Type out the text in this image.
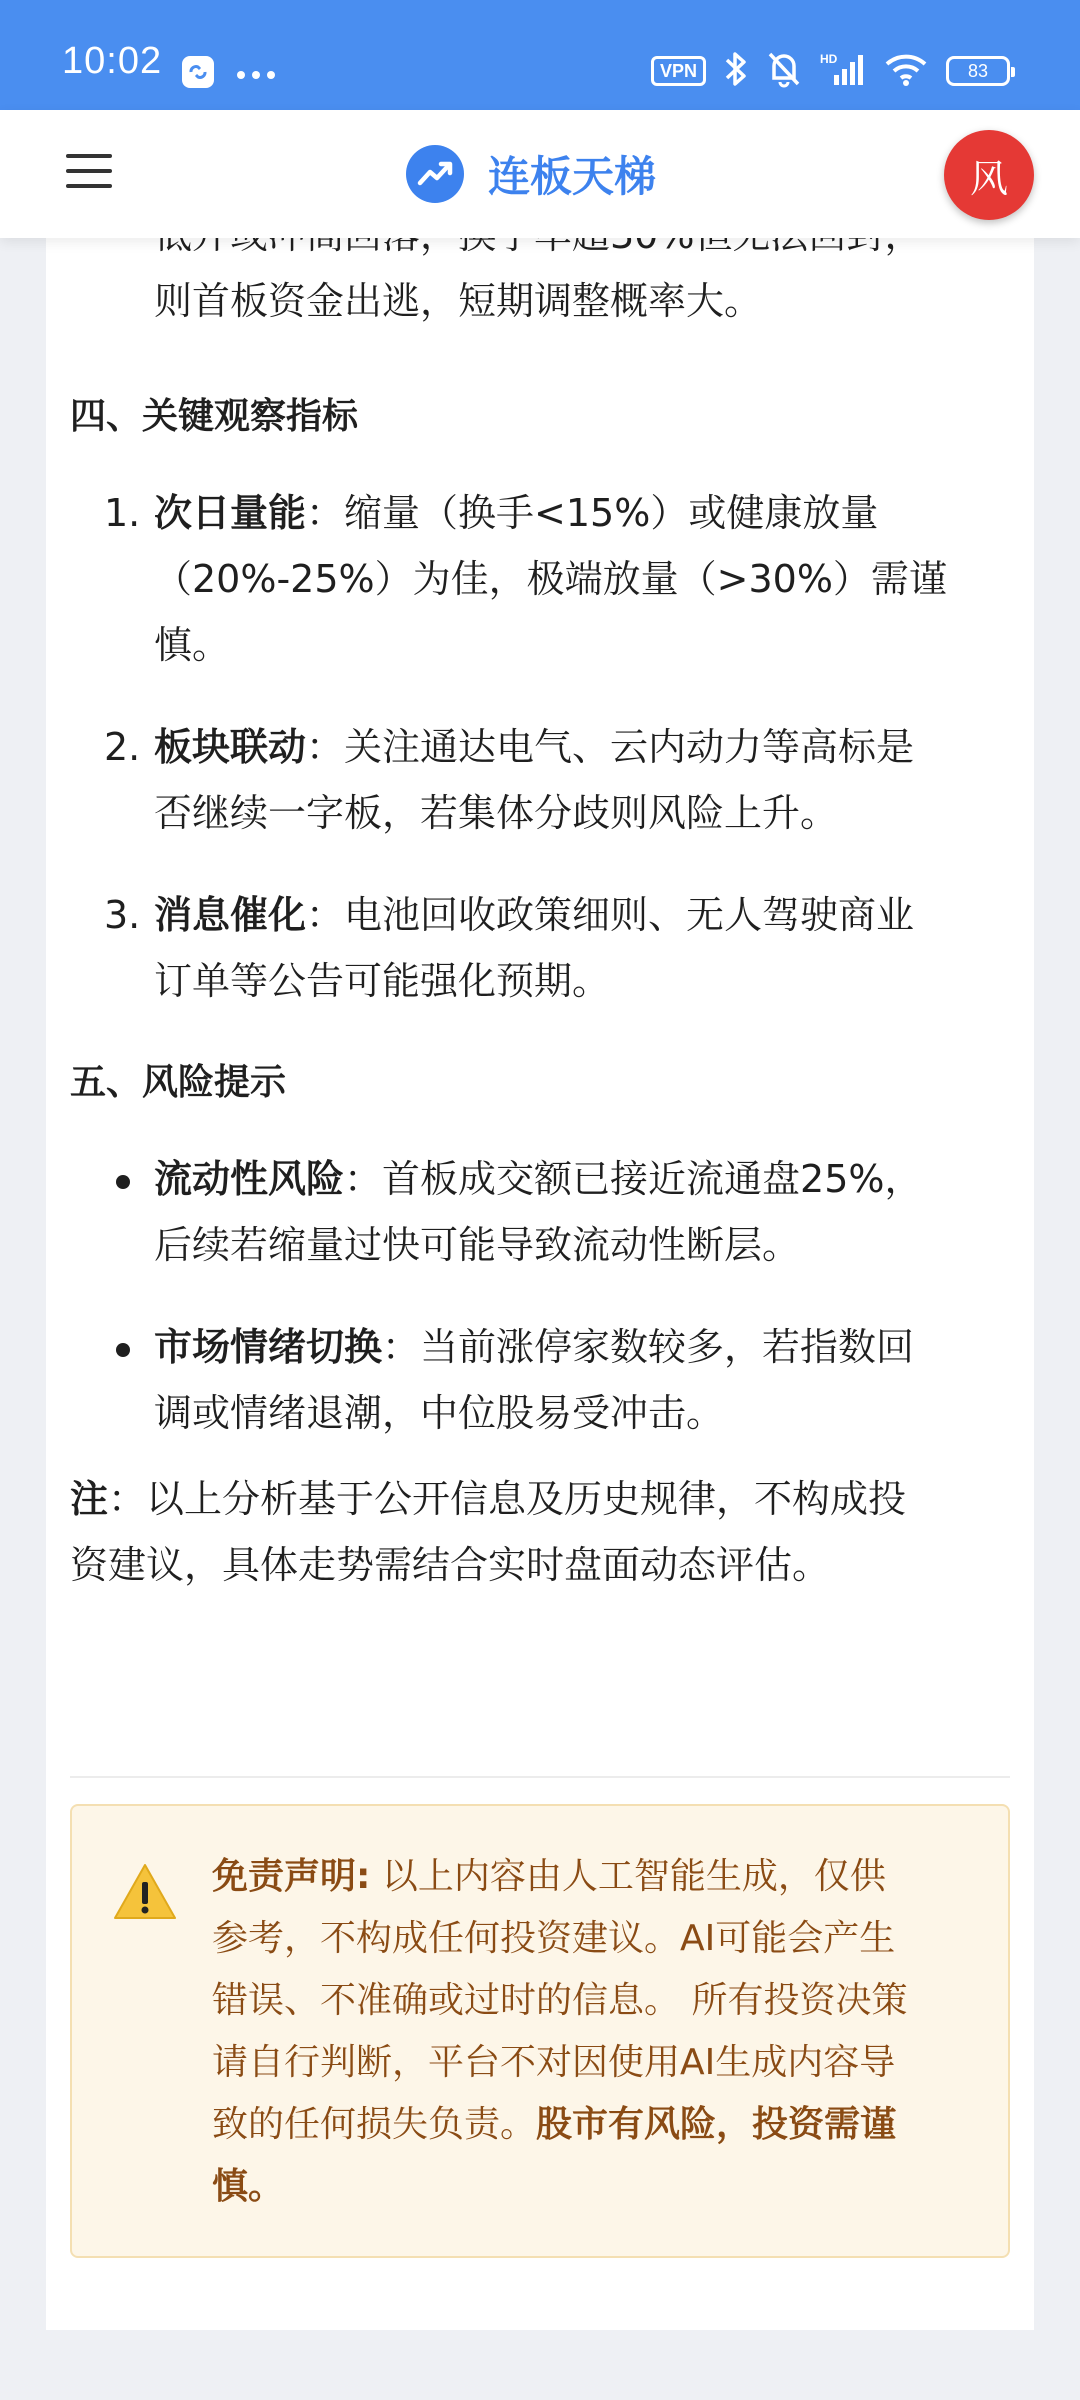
10:02	VPN
HD
83
连板天梯	风
则首板资金出逃，短期调整概率大。
四、关键观察指标
1. 次日量能：缩量（换手<15%）或健康放量
（20%-25%）为佳，极端放量（>30%）需谨
慎。
2. 板块联动：关注通达电气、云内动力等高标是
否继续一字板，若集体分歧则风险上升。
3. 消息催化：电池回收政策细则、无人驾驶商业
订单等公告可能强化预期。
五、风险提示
流动性风险：首板成交额已接近流通盘25%，
后续若缩量过快可能导致流动性断层。
市场情绪切换：当前涨停家数较多，若指数回
调或情绪退潮，中位股易受冲击。
注：以上分析基于公开信息及历史规律，不构成投
资建议，具体走势需结合实时盘面动态评估。
免责声明: 以上内容由人工智能生成，仅供
参考，不构成任何投资建议。AI可能会产生
错误、不准确或过时的信息。 所有投资决策
请自行判断，平台不对因使用AI生成内容导
致的任何损失负责。股市有风险，投资需谨
慎。
